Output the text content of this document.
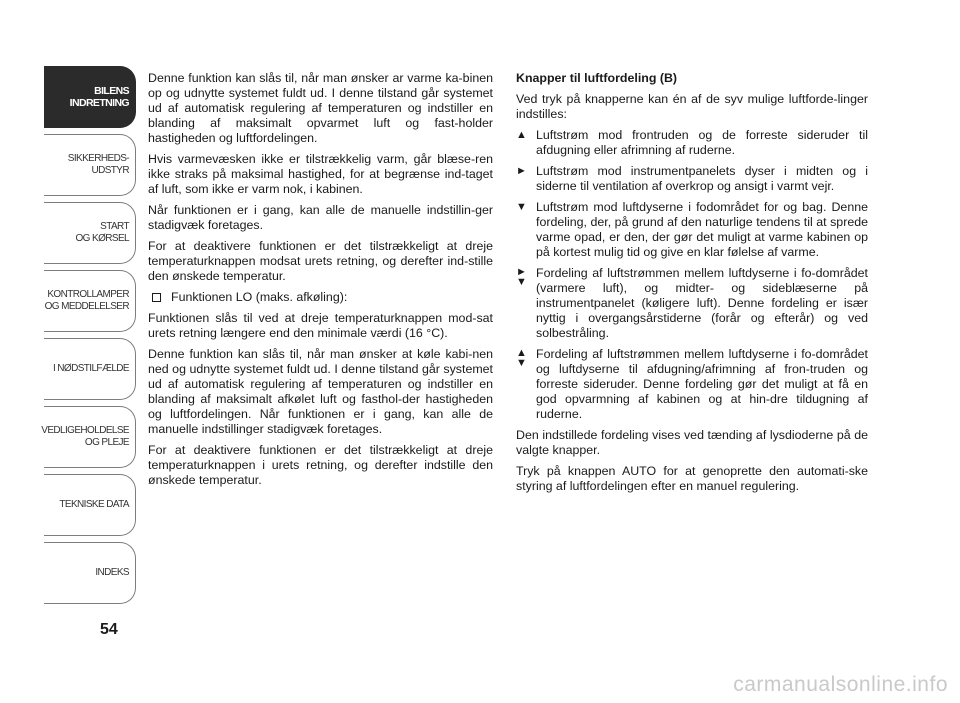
BILENS
INDRETNING
SIKKERHEDS-
UDSTYR
START
OG KØRSEL
KONTROLLAMPER
OG MEDDELELSER
I NØDSTILFÆLDE
VEDLIGEHOLDELSE
OG PLEJE
TEKNISKE DATA
INDEKS
54

Denne funktion kan slås til, når man ønsker ar varme ka-binen op og udnytte systemet fuldt ud. I denne tilstand går systemet ud af automatisk regulering af temperaturen og indstiller en blanding af maksimalt opvarmet luft og fast-holder hastigheden og luftfordelingen.

Hvis varmevæsken ikke er tilstrækkelig varm, går blæse-ren ikke straks på maksimal hastighed, for at begrænse ind-taget af luft, som ikke er varm nok, i kabinen.

Når funktionen er i gang, kan alle de manuelle indstillin-ger stadigvæk foretages.

For at deaktivere funktionen er det tilstrækkeligt at dreje temperaturknappen modsat urets retning, og derefter ind-stille den ønskede temperatur.

Funktionen LO (maks. afkøling):

Funktionen slås til ved at dreje temperaturknappen mod-sat urets retning længere end den minimale værdi (16 °C).

Denne funktion kan slås til, når man ønsker at køle kabi-nen ned og udnytte systemet fuldt ud. I denne tilstand går systemet ud af automatisk regulering af temperaturen og indstiller en blanding af maksimalt afkølet luft og fasthol-der hastigheden og luftfordelingen. Når funktionen er i gang, kan alle de manuelle indstillinger stadigvæk foretages.

For at deaktivere funktionen er det tilstrækkeligt at dreje temperaturknappen i urets retning, og derefter indstille den ønskede temperatur.

Knapper til luftfordeling (B)

Ved tryk på knapperne kan én af de syv mulige luftforde-linger indstilles:

▲ Luftstrøm mod frontruden og de forreste sideruder til afdugning eller afrimning af ruderne.
► Luftstrøm mod instrumentpanelets dyser i midten og i siderne til ventilation af overkrop og ansigt i varmt vejr.
▼ Luftstrøm mod luftdyserne i fodområdet for og bag. Denne fordeling, der, på grund af den naturlige tendens til at sprede varme opad, er den, der gør det muligt at varme kabinen op på kortest mulig tid og give en klar følelse af varme.
►
▼
Fordeling af luftstrømmen mellem luftdyserne i fo-dområdet (varmere luft), og midter- og sideblæserne på instrumentpanelet (køligere luft). Denne fordeling er især nyttig i overgangsårstiderne (forår og efterår) og ved solbestråling.
▲
▼
Fordeling af luftstrømmen mellem luftdyserne i fo-dområdet og luftdyserne til afdugning/afrimning af fron-truden og forreste sideruder. Denne fordeling gør det muligt at få en god opvarmning af kabinen og at hin-dre tildugning af ruderne.

Den indstillede fordeling vises ved tænding af lysdioderne på de valgte knapper.

Tryk på knappen AUTO for at genoprette den automati-ske styring af luftfordelingen efter en manuel regulering.

carmanualsonline.info
